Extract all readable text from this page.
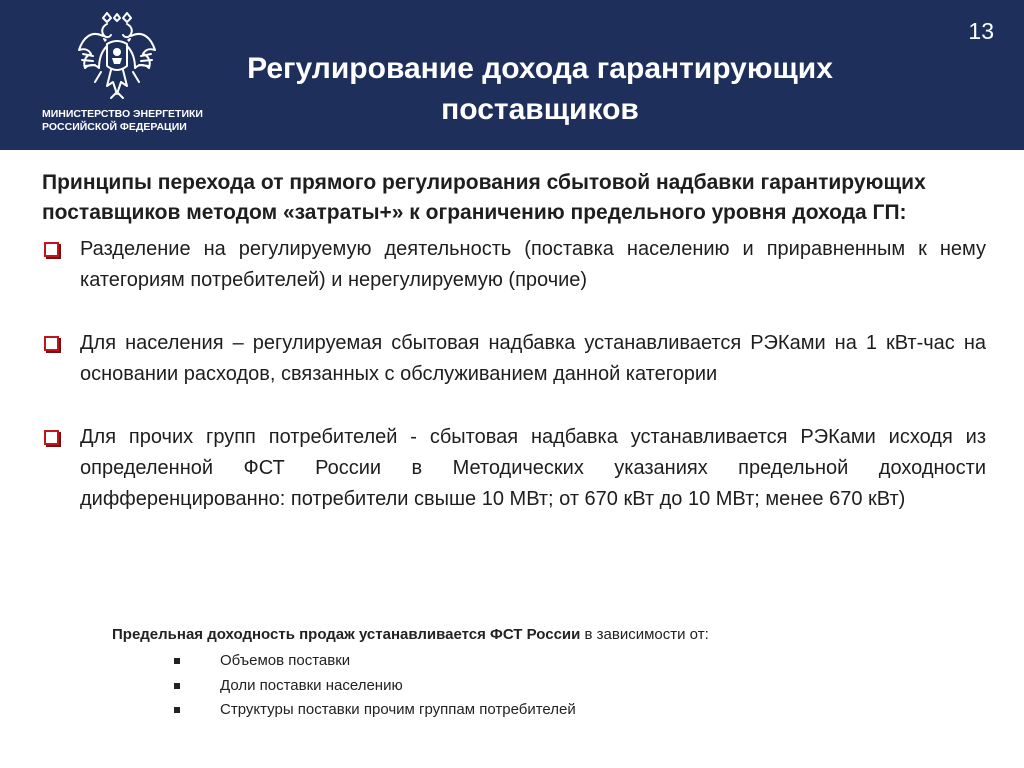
МИНИСТЕРСТВО ЭНЕРГЕТИКИ
РОССИЙСКОЙ ФЕДЕРАЦИИ
Регулирование дохода гарантирующих поставщиков
13

Принципы перехода от прямого регулирования сбытовой надбавки гарантирующих поставщиков методом «затраты+» к ограничению предельного уровня дохода ГП:

Разделение на регулируемую деятельность (поставка населению и приравненным к нему категориям потребителей) и нерегулируемую (прочие)
Для населения – регулируемая сбытовая надбавка устанавливается РЭКами на 1 кВт-час на основании расходов, связанных с обслуживанием данной категории
Для прочих групп потребителей - сбытовая надбавка устанавливается РЭКами исходя из определенной ФСТ России в Методических указаниях предельной доходности дифференцированно: потребители свыше 10 МВт; от 670 кВт до 10 МВт; менее 670 кВт)
Предельная доходность продаж устанавливается ФСТ России в зависимости от:
Объемов поставки
Доли поставки населению
Структуры поставки прочим группам потребителей
